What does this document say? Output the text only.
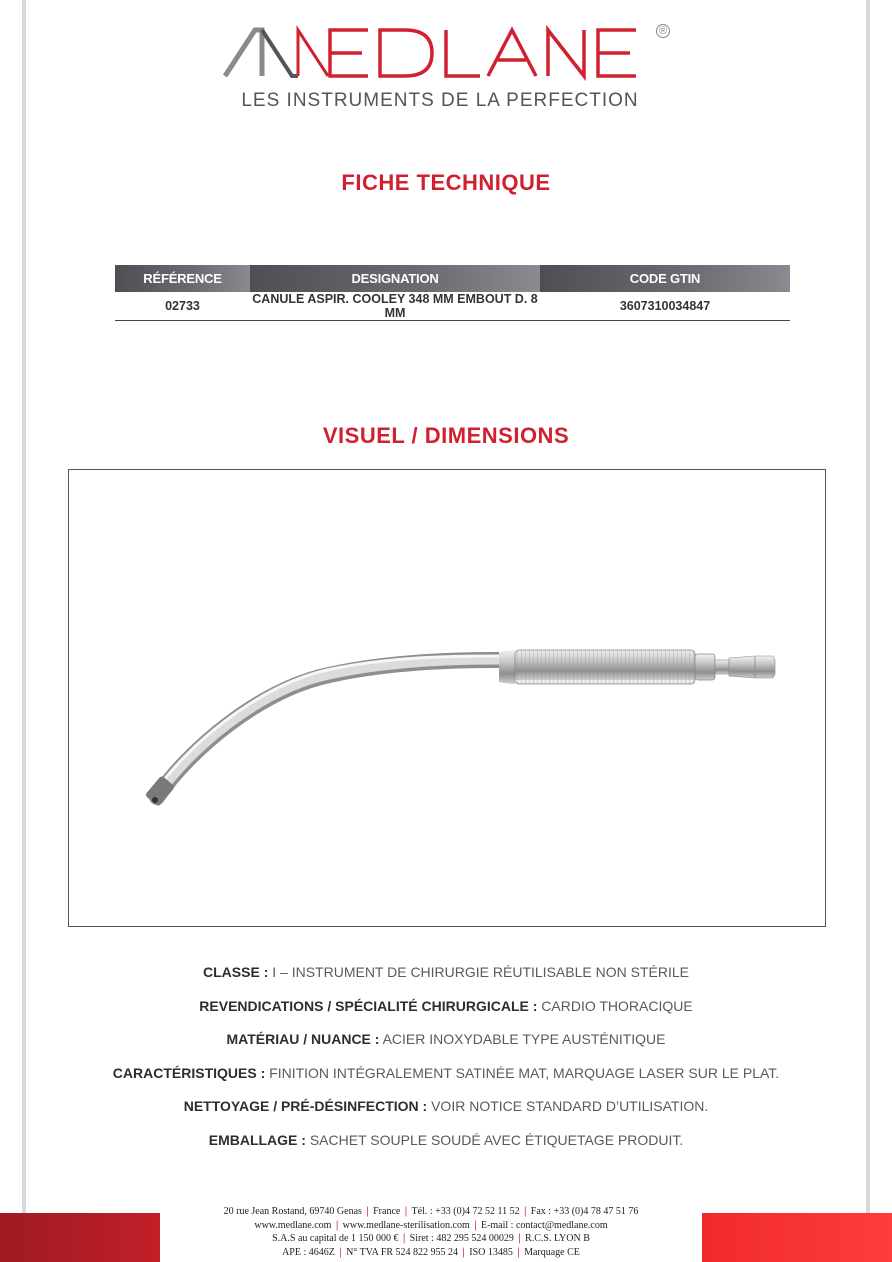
®
LES INSTRUMENTS DE LA PERFECTION
FICHE TECHNIQUE
RÉFÉRENCE	DESIGNATION	CODE GTIN
02733	CANULE ASPIR. COOLEY 348 MM EMBOUT D. 8 MM	3607310034847
VISUEL / DIMENSIONS
CLASSE : I – INSTRUMENT DE CHIRURGIE RÉUTILISABLE NON STÉRILE
REVENDICATIONS / SPÉCIALITÉ CHIRURGICALE : CARDIO THORACIQUE
MATÉRIAU / NUANCE : ACIER INOXYDABLE TYPE AUSTÉNITIQUE
CARACTÉRISTIQUES : FINITION INTÉGRALEMENT SATINÉE MAT, MARQUAGE LASER SUR LE PLAT.
NETTOYAGE / PRÉ-DÉSINFECTION : VOIR NOTICE STANDARD D’UTILISATION.
EMBALLAGE : SACHET SOUPLE SOUDÉ AVEC ÉTIQUETAGE PRODUIT.
20 rue Jean Rostand, 69740 Genas | France | Tél. : +33 (0)4 72 52 11 52 | Fax : +33 (0)4 78 47 51 76
www.medlane.com | www.medlane-sterilisation.com | E-mail : contact@medlane.com
S.A.S au capital de 1 150 000 € | Siret : 482 295 524 00029 | R.C.S. LYON B
APE : 4646Z | N° TVA FR 524 822 955 24 | ISO 13485 | Marquage CE
